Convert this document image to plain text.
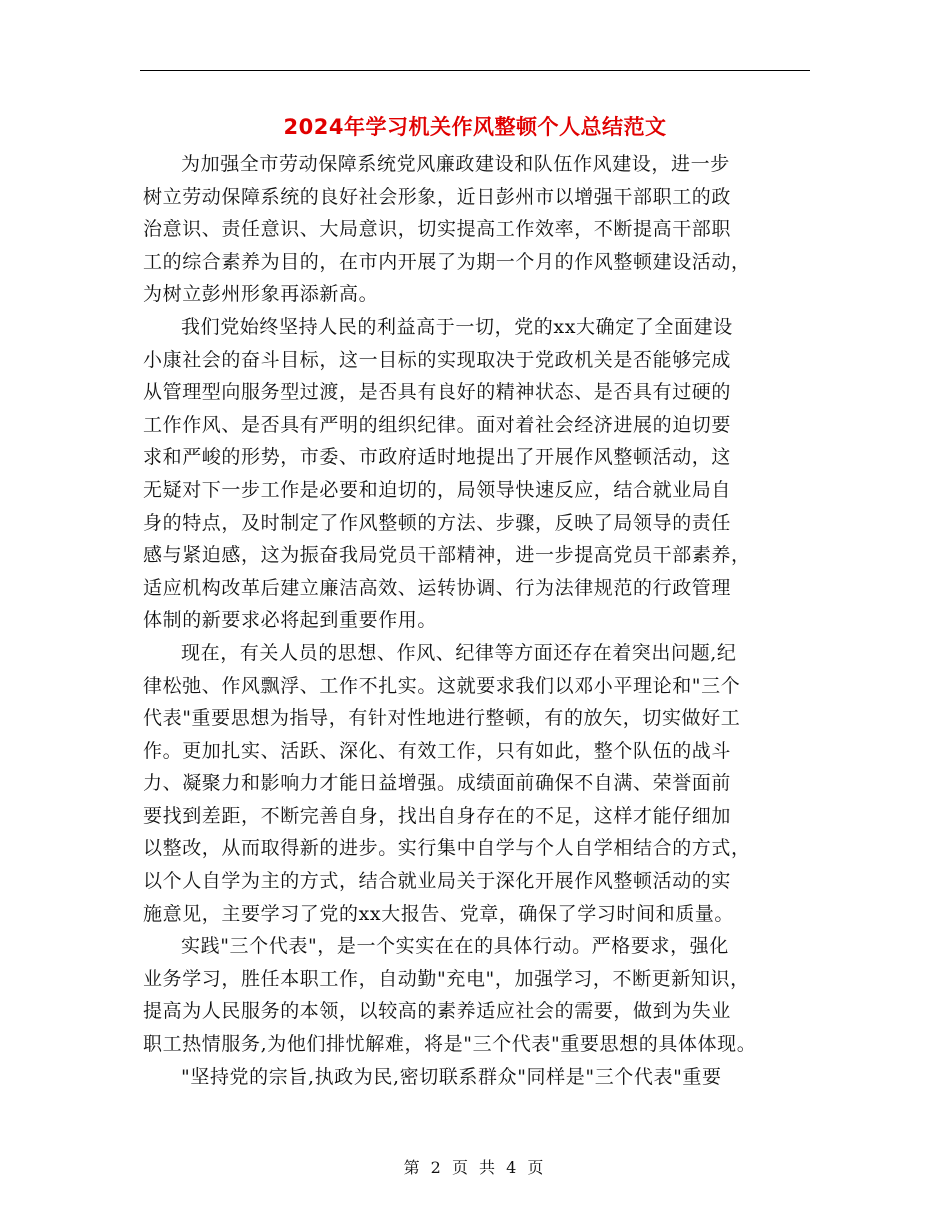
2024年学习机关作风整顿个人总结范文
为加强全市劳动保障系统党风廉政建设和队伍作风建设，进一步
树立劳动保障系统的良好社会形象，近日彭州市以增强干部职工的政
治意识、责任意识、大局意识，切实提高工作效率，不断提高干部职
工的综合素养为目的，在市内开展了为期一个月的作风整顿建设活动，
为树立彭州形象再添新高。
我们党始终坚持人民的利益高于一切，党的xx大确定了全面建设
小康社会的奋斗目标，这一目标的实现取决于党政机关是否能够完成
从管理型向服务型过渡，是否具有良好的精神状态、是否具有过硬的
工作作风、是否具有严明的组织纪律。面对着社会经济进展的迫切要
求和严峻的形势，市委、市政府适时地提出了开展作风整顿活动，这
无疑对下一步工作是必要和迫切的，局领导快速反应，结合就业局自
身的特点，及时制定了作风整顿的方法、步骤，反映了局领导的责任
感与紧迫感，这为振奋我局党员干部精神，进一步提高党员干部素养，
适应机构改革后建立廉洁高效、运转协调、行为法律规范的行政管理
体制的新要求必将起到重要作用。
现在，有关人员的思想、作风、纪律等方面还存在着突出问题,纪
律松弛、作风飘浮、工作不扎实。这就要求我们以邓小平理论和"三个
代表"重要思想为指导，有针对性地进行整顿，有的放矢，切实做好工
作。更加扎实、活跃、深化、有效工作，只有如此，整个队伍的战斗
力、凝聚力和影响力才能日益增强。成绩面前确保不自满、荣誉面前
要找到差距，不断完善自身，找出自身存在的不足，这样才能仔细加
以整改，从而取得新的进步。实行集中自学与个人自学相结合的方式，
以个人自学为主的方式，结合就业局关于深化开展作风整顿活动的实
施意见，主要学习了党的xx大报告、党章，确保了学习时间和质量。
实践"三个代表"，是一个实实在在的具体行动。严格要求，强化
业务学习，胜任本职工作，自动勤"充电"，加强学习，不断更新知识，
提高为人民服务的本领，以较高的素养适应社会的需要，做到为失业
职工热情服务,为他们排忧解难，将是"三个代表"重要思想的具体体现。
"坚持党的宗旨,执政为民,密切联系群众"同样是"三个代表"重要
第 2 页 共 4 页
